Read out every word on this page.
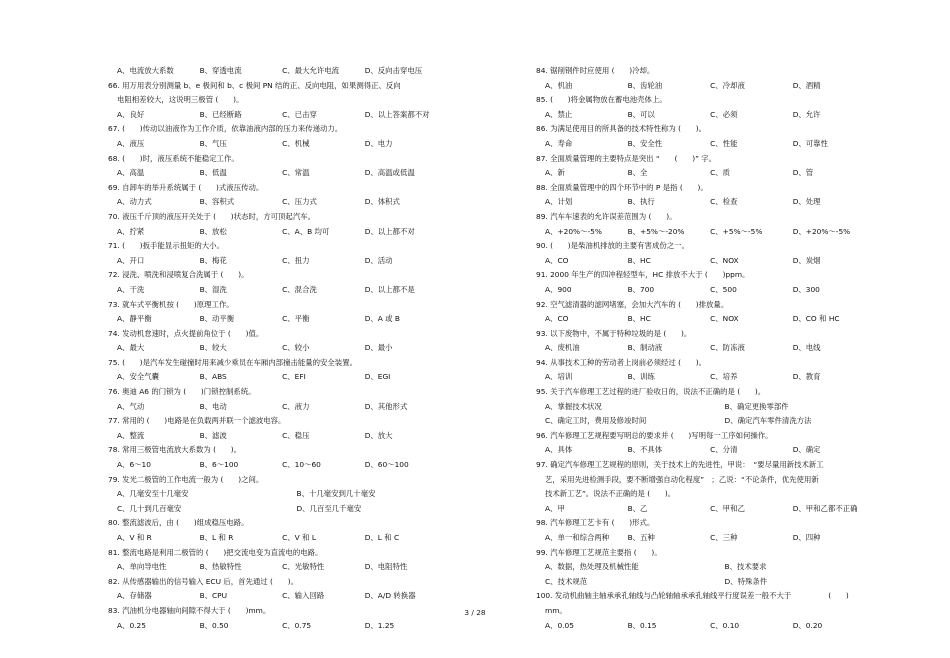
A、电流放大系数	B、穿透电流	C、最大允许电流	D、反向击穿电压
66. 用万用表分别测量 b、e 极间和 b、c 极间 PN 结的正、反向电阻，如果测得正、反向
电阻相差较大，这说明三极管 (　　)。
A、良好	B、已经断路	C、已击穿	D、以上答案都不对
67. (　　)传动以油液作为工作介质，依靠油液内部的压力来传递动力。
A、液压	B、气压	C、机械	D、电力
68. (　　)时，液压系统不能稳定工作。
A、高温	B、低温	C、常温	D、高温或低温
69. 自卸车的举升系统属于 (　　)式液压传动。
A、动力式	B、容积式	C、压力式	D、体积式
70. 液压千斤顶的液压开关处于 (　　)状态时，方可顶起汽车。
A、拧紧	B、放松	C、A、B 均可	D、以上都不对
71. (　　)扳手能显示扭矩的大小。
A、开口	B、梅花	C、扭力	D、活动
72. 浸洗、喷洗和浸喷复合洗属于 (　　)。
A、干洗	B、湿洗	C、混合洗	D、以上都不是
73. 就车式平衡机按 (　　)原理工作。
A、静平衡	B、动平衡	C、平衡	D、A 或 B
74. 发动机怠速时，点火提前角位于 (　　)值。
A、最大	B、较大	C、较小	D、最小
75. (　　)是汽车发生碰撞时用来减少乘员在车厢内部撞击能量的安全装置。
A、安全气囊	B、ABS	C、EFI	D、EGI
76. 奥迪 A6 的门锁为 (　　)门锁控制系统。
A、气动	B、电动	C、液力	D、其他形式
77. 常用的 (　　)电路是在负载两并联一个滤波电容。
A、整流	B、滤波	C、稳压	D、放大
78. 常用三极管电流放大系数为 (　　)。
A、6～10	B、6～100	C、10～60	D、60～100
79. 发光二极管的工作电流一般为 (　　)之间。
A、几毫安至十几毫安	B、十几毫安到几十毫安
C、几十到几百毫安	D、几百至几千毫安
80. 整流滤波后，由 (　　)组成稳压电路。
A、V 和 R	B、L 和 R	C、V 和 L	D、L 和 C
81. 整流电路是利用二极管的 (　　)把交流电变为直流电的电路。
A、单向导电性	B、热敏特性	C、光敏特性	D、电阻特性
82. 从传感器输出的信号输入 ECU 后，首先通过 (　　)。
A、存储器	B、CPU	C、输入回路	D、A/D 转换器
83. 汽油机分电器轴向间隙不得大于 (　　)mm。
A、0.25	B、0.50	C、0.75	D、1.25
84. 锯削钢件时应使用 (　　)冷却。
A、机油	B、齿轮油	C、冷却液	D、酒精
85. (　　)将金属物放在蓄电池壳体上。
A、禁止	B、可以	C、必须	D、允许
86. 为满足使用目的所具备的技术特性称为 (　　)。
A、寿命	B、安全性	C、性能	D、可靠性
87. 全面质量管理的主要特点是突出 “　　(　　)” 字。
A、新	B、全	C、质	D、管
88. 全面质量管理中的四个环节中的 P 是指 (　　)。
A、计划	B、执行	C、检查	D、处理
89. 汽车车速表的允许误差范围为 (　　)。
A、+20%～-5%	B、+5%～-20%	C、+5%～-5%	D、+20%～-5%
90. (　　)是柴油机排放的主要有害成份之一。
A、CO	B、HC	C、NOX	D、炭烟
91. 2000 年生产的四冲程轻型车，HC 排放不大于 (　　)ppm。
A、900	B、700	C、500	D、300
92. 空气滤清器的滤网堵塞，会加大汽车的 (　　)排放量。
A、CO	B、HC	C、NOX	D、CO 和 HC
93. 以下废物中，不属于特种垃圾的是 (　　)。
A、废机油	B、制动液	C、防冻液	D、电线
94. 从事技术工种的劳动者上岗前必须经过 (　　)。
A、培训	B、训练	C、培养	D、教育
95. 关于汽车修理工艺过程的进厂验收日的，说法不正确的是 (　　)。
A、掌握技术状况	B、确定更换零部件
C、确定工时，费用及修竣时间	D、确定汽车零件清洗方法
96. 汽车修理工艺规程要写明总的要求并 (　　)写明每一工序如何操作。
A、具体	B、不具体	C、分清	D、确定
97. 确定汽车修理工艺规程的原则，关于技术上的先进性，甲说：　“要尽量用新技术新工
艺，采用先进检测手段，要不断增强自动化程度”　；乙说：“不论条件，优先使用新
技术新工艺”。说法不正确的是 (　　)。
A、甲	B、乙	C、甲和乙	D、甲和乙都不正确
98. 汽车修理工艺卡有 (　　)形式。
A、单一和综合两种	B、五种	C、三种	D、四种
99. 汽车修理工艺规范主要指 (　　)。
A、数据，热处理及机械性能	B、技术要求
C、技术规范	D、特殊条件
100. 发动机曲轴主轴承承孔轴线与凸轮轴轴承承孔轴线平行度误差一般不大于　　　　　(　　)
mm。
A、0.05	B、0.15	C、0.10	D、0.20
3 / 28
